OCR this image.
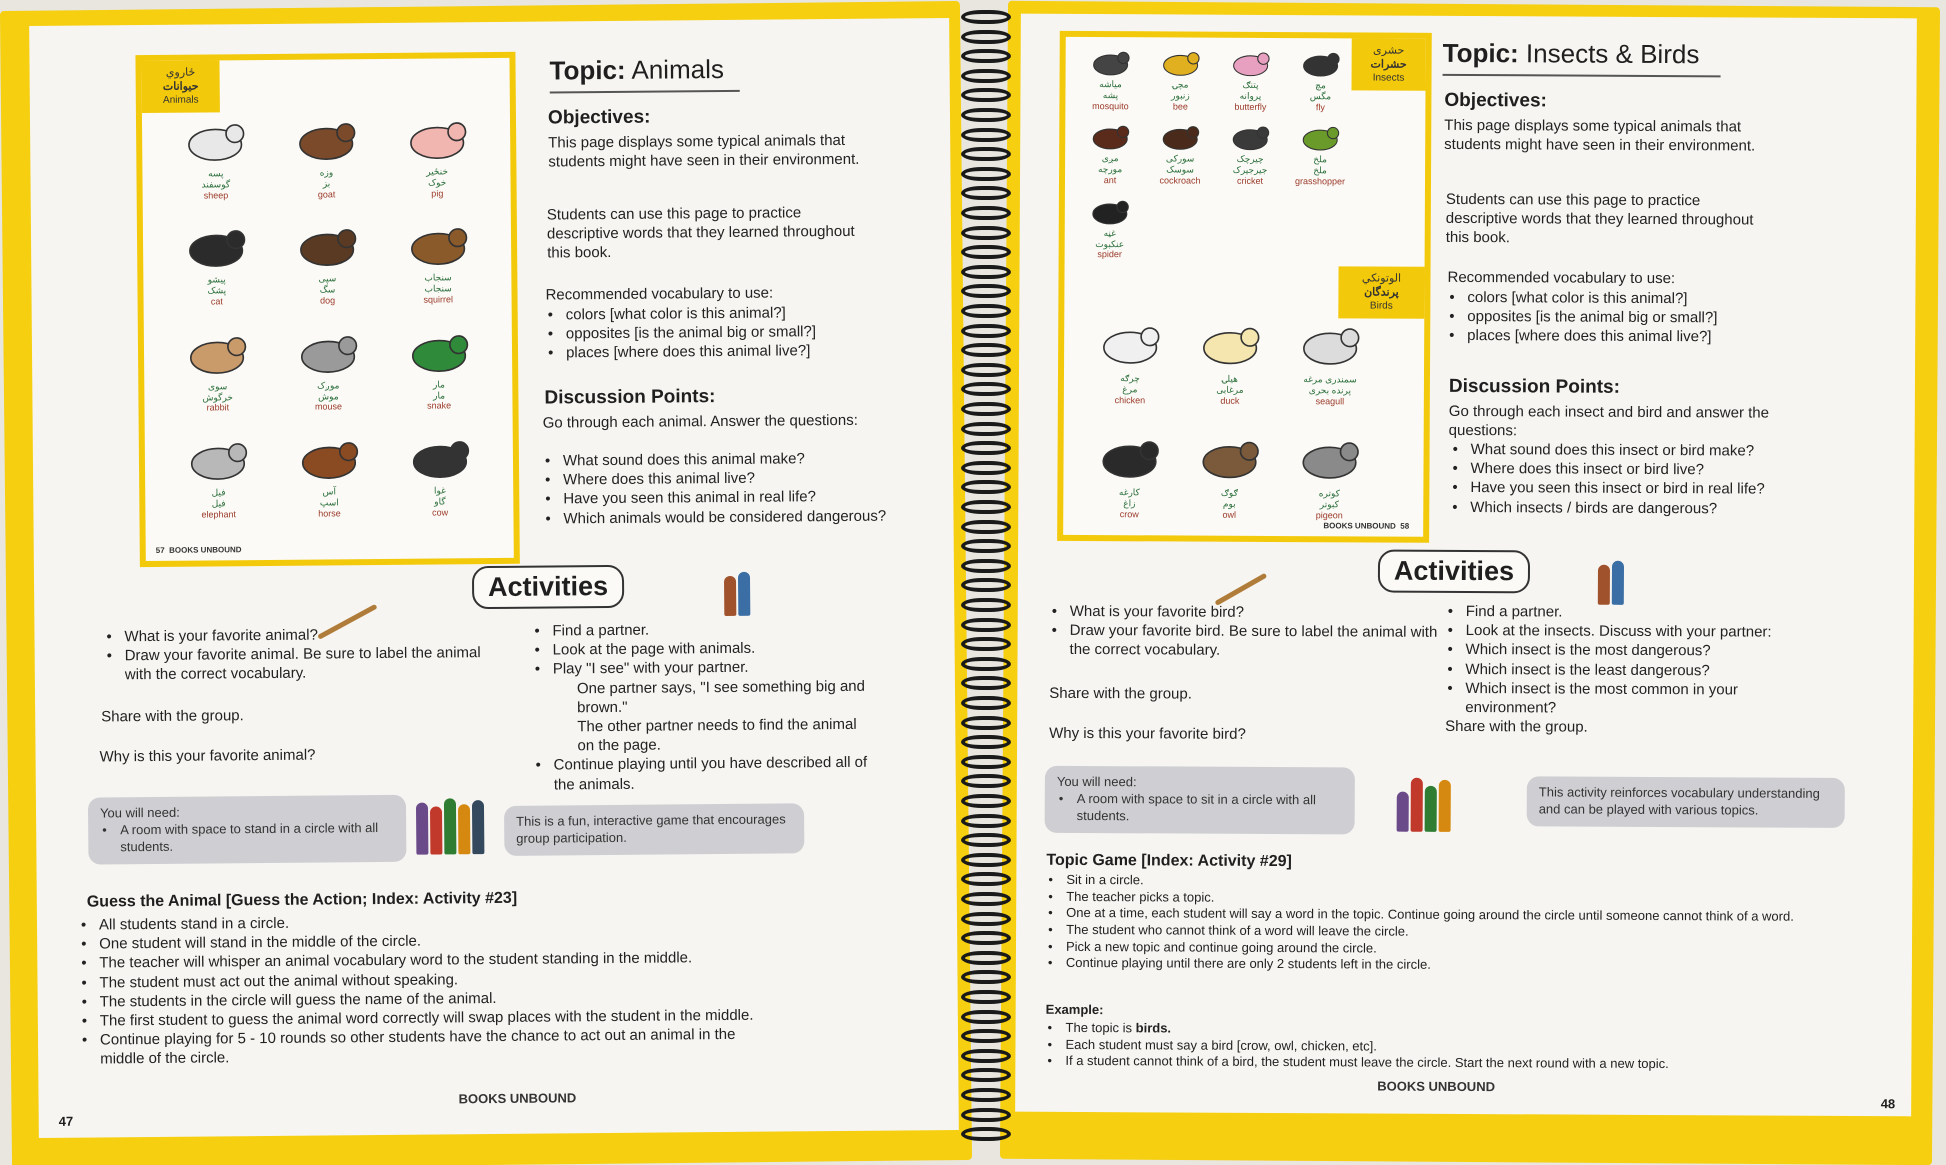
ځاروي
حیوانات
Animals
پسه
گوسفند
sheep
وزه
بز
goat
خنځیر
خوک
pig
پیشو
پشک
cat
سپی
سگ
dog
سنجاب
سنجاب
squirrel
سوی
خرگوش
rabbit
موږک
موش
mouse
مار
مار
snake
فیل
فیل
elephant
آس
اسپ
horse
غوا
گاو
cow
57 BOOKS UNBOUND
Topic: Animals
Objectives:
This page displays some typical animals that students might have seen in their environment.
Students can use this page to practice descriptive words that they learned throughout this book.
Recommended vocabulary to use:
• colors [what color is this animal?]
• opposites [is the animal big or small?]
• places [where does this animal live?]
Discussion Points:
Go through each animal. Answer the questions:
• What sound does this animal make?
• Where does this animal live?
• Have you seen this animal in real life?
• Which animals would be considered dangerous?
Activities
• What is your favorite animal?
• Draw your favorite animal. Be sure to label the animal with the correct vocabulary.
Share with the group.
Why is this your favorite animal?
• Find a partner.
• Look at the page with animals.
• Play "I see" with your partner.
One partner says, "I see something big and brown."
The other partner needs to find the animal on the page.
• Continue playing until you have described all of the animals.
You will need:
• A room with space to stand in a circle with all students.
This is a fun, interactive game that encourages group participation.
Guess the Animal [Guess the Action; Index: Activity #23]
• All students stand in a circle.
• One student will stand in the middle of the circle.
• The teacher will whisper an animal vocabulary word to the student standing in the middle.
• The student must act out the animal without speaking.
• The students in the circle will guess the name of the animal.
• The first student to guess the animal word correctly will swap places with the student in the middle.
• Continue playing for 5 - 10 rounds so other students have the chance to act out an animal in the middle of the circle.
BOOKS UNBOUND
47
حشری
حشرات
Insects
میاشه
پشه
mosquito
مچۍ
زنبور
bee
پتنګ
پروانه
butterfly
مچ
مگس
fly
مږی
مورچه
ant
سورکی
سوسک
cockroach
چیرچک
جیرجیرک
cricket
ملخ
ملخ
grasshopper
غڼه
عنکبوت
spider
الوتونکي
پرندگان
Birds
چرګه
مرغ
chicken
هیلۍ
مرغابی
duck
سمندری مرغه
پرنده بحری
seagull
کارغه
زاغ
crow
ګوګ
بوم
owl
کوتره
کبوتر
pigeon
BOOKS UNBOUND 58
Topic: Insects & Birds
Objectives:
This page displays some typical animals that students might have seen in their environment.
Students can use this page to practice descriptive words that they learned throughout this book.
Recommended vocabulary to use:
• colors [what color is this animal?]
• opposites [is the animal big or small?]
• places [where does this animal live?]
Discussion Points:
Go through each insect and bird and answer the questions:
• What sound does this insect or bird make?
• Where does this insect or bird live?
• Have you seen this insect or bird in real life?
• Which insects / birds are dangerous?
Activities
• What is your favorite bird?
• Draw your favorite bird. Be sure to label the animal with the correct vocabulary.
Share with the group.
Why is this your favorite bird?
• Find a partner.
• Look at the insects. Discuss with your partner:
• Which insect is the most dangerous?
• Which insect is the least dangerous?
• Which insect is the most common in your environment?
Share with the group.
You will need:
• A room with space to sit in a circle with all students.
This activity reinforces vocabulary understanding and can be played with various topics.
Topic Game [Index: Activity #29]
• Sit in a circle.
• The teacher picks a topic.
• One at a time, each student will say a word in the topic. Continue going around the circle until someone cannot think of a word.
• The student who cannot think of a word will leave the circle.
• Pick a new topic and continue going around the circle.
• Continue playing until there are only 2 students left in the circle.
Example:
• The topic is birds.
• Each student must say a bird [crow, owl, chicken, etc].
• If a student cannot think of a bird, the student must leave the circle. Start the next round with a new topic.
BOOKS UNBOUND
48
